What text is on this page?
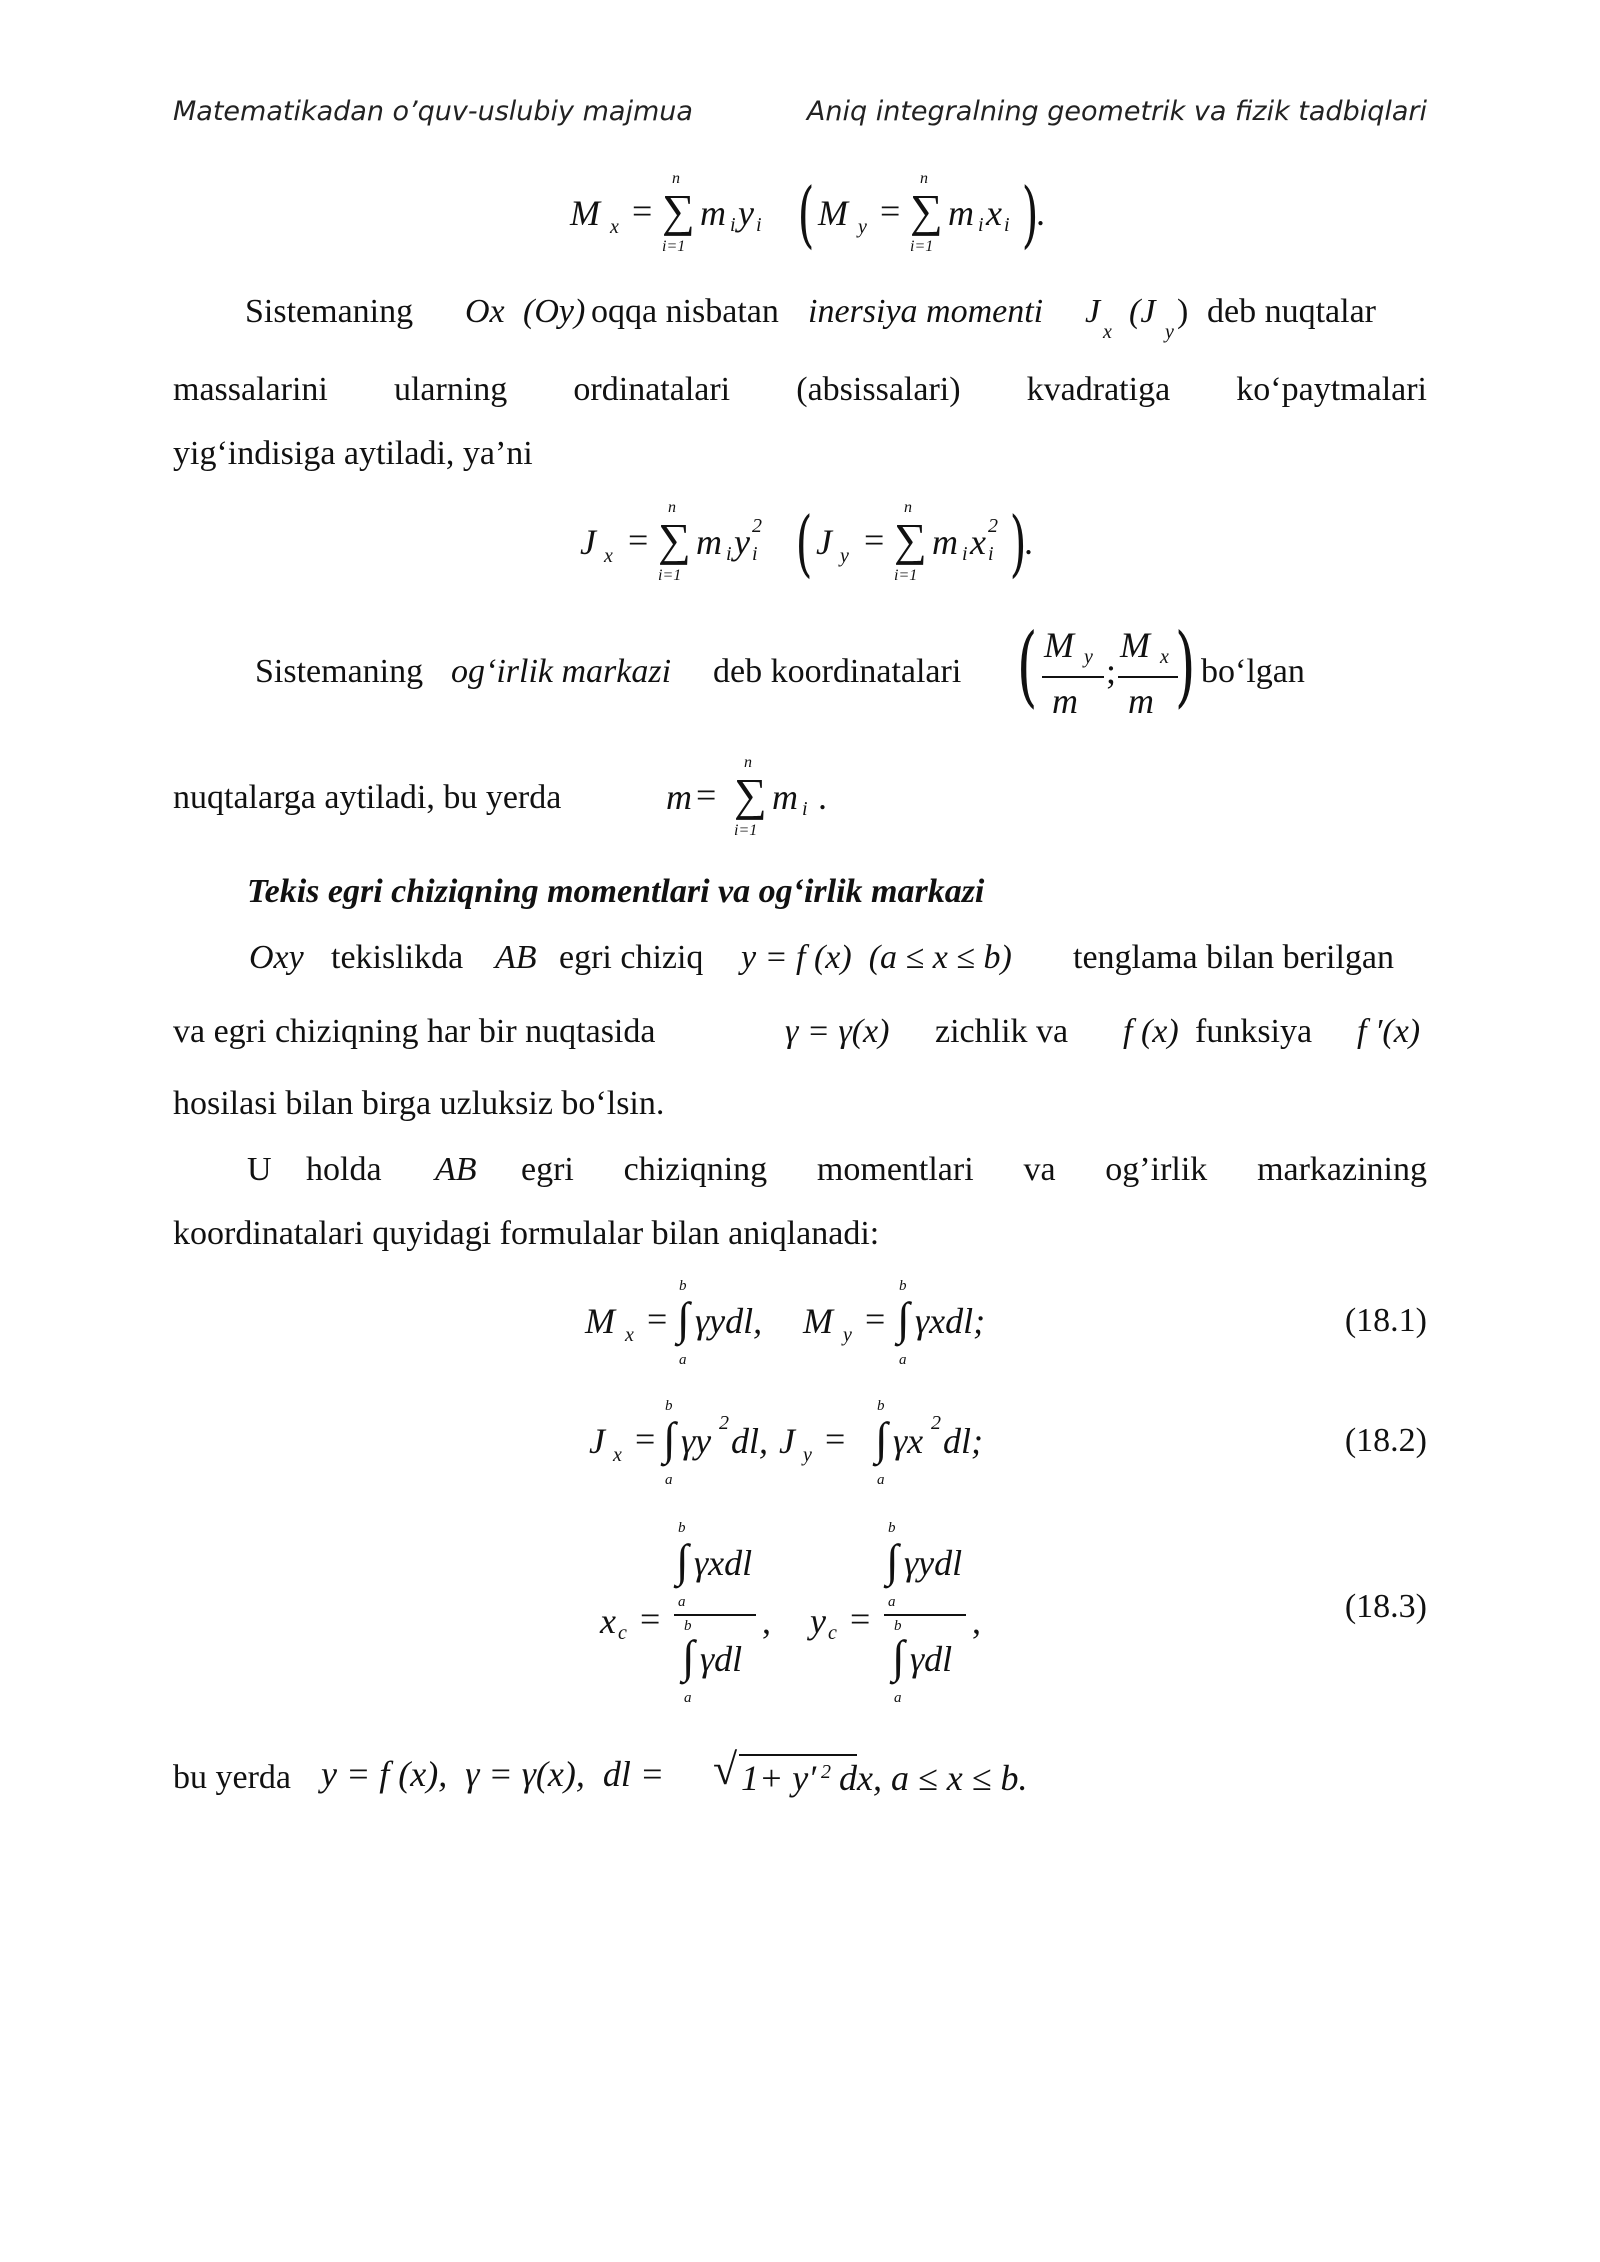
Matematikadan o’quv-uslubiy majmua	Aniq integralning geometrik va fizik tadbiqlari
M x =
n
∑
i=1
m i y i ( M y =
n
∑
i=1
m i x i )
.
Sistemaning Ox (Oy) oqqa nisbatan inersiya momenti J
x
(J
y
) deb nuqtalar
massalarini ularning ordinatalari (absissalari) kvadratiga ko‘paytmalari
yig‘indisiga aytiladi, ya’ni
J x =
n
∑
i=1
m i y i
2 ( J y =
n
∑
i=1
m i x i
2 )
.
Sistemaning og‘irlik markazi deb koordinatalari	bo‘lgan
( M y
m
;
M x
m )
nuqtalarga aytiladi, bu yerda	m =
n
∑
i=1
m i .
Tekis egri chiziqning momentlari va og‘irlik markazi
Oxy tekislikda AB egri chiziq y = f (x)  (a ≤ x ≤ b) tenglama bilan berilgan
va egri chiziqning har bir nuqtasida	γ = γ(x) zichlik va f (x) funksiya f ′(x)
hosilasi bilan birga uzluksiz bo‘lsin.
U holda AB egri chiziqning momentlari va og’irlik markazining
koordinatalari quyidagi formulalar bilan aniqlanadi:
M x =
b
∫
a
γydl, M y =
b
∫
a
γxdl;	(18.1)
J x =
b
∫
a
γy 2 dl, J y =
b
∫
a
γx 2 dl;	(18.2)
x c =
b
∫
a
γxdl
b
∫
a
γdl
, y c =
b
∫
a
γydl
b
∫
a
γdl
,	(18.3)
bu yerda y = f (x),  γ = γ(x),  dl = √ 1+ y′ 2 dx, a ≤ x ≤ b.
